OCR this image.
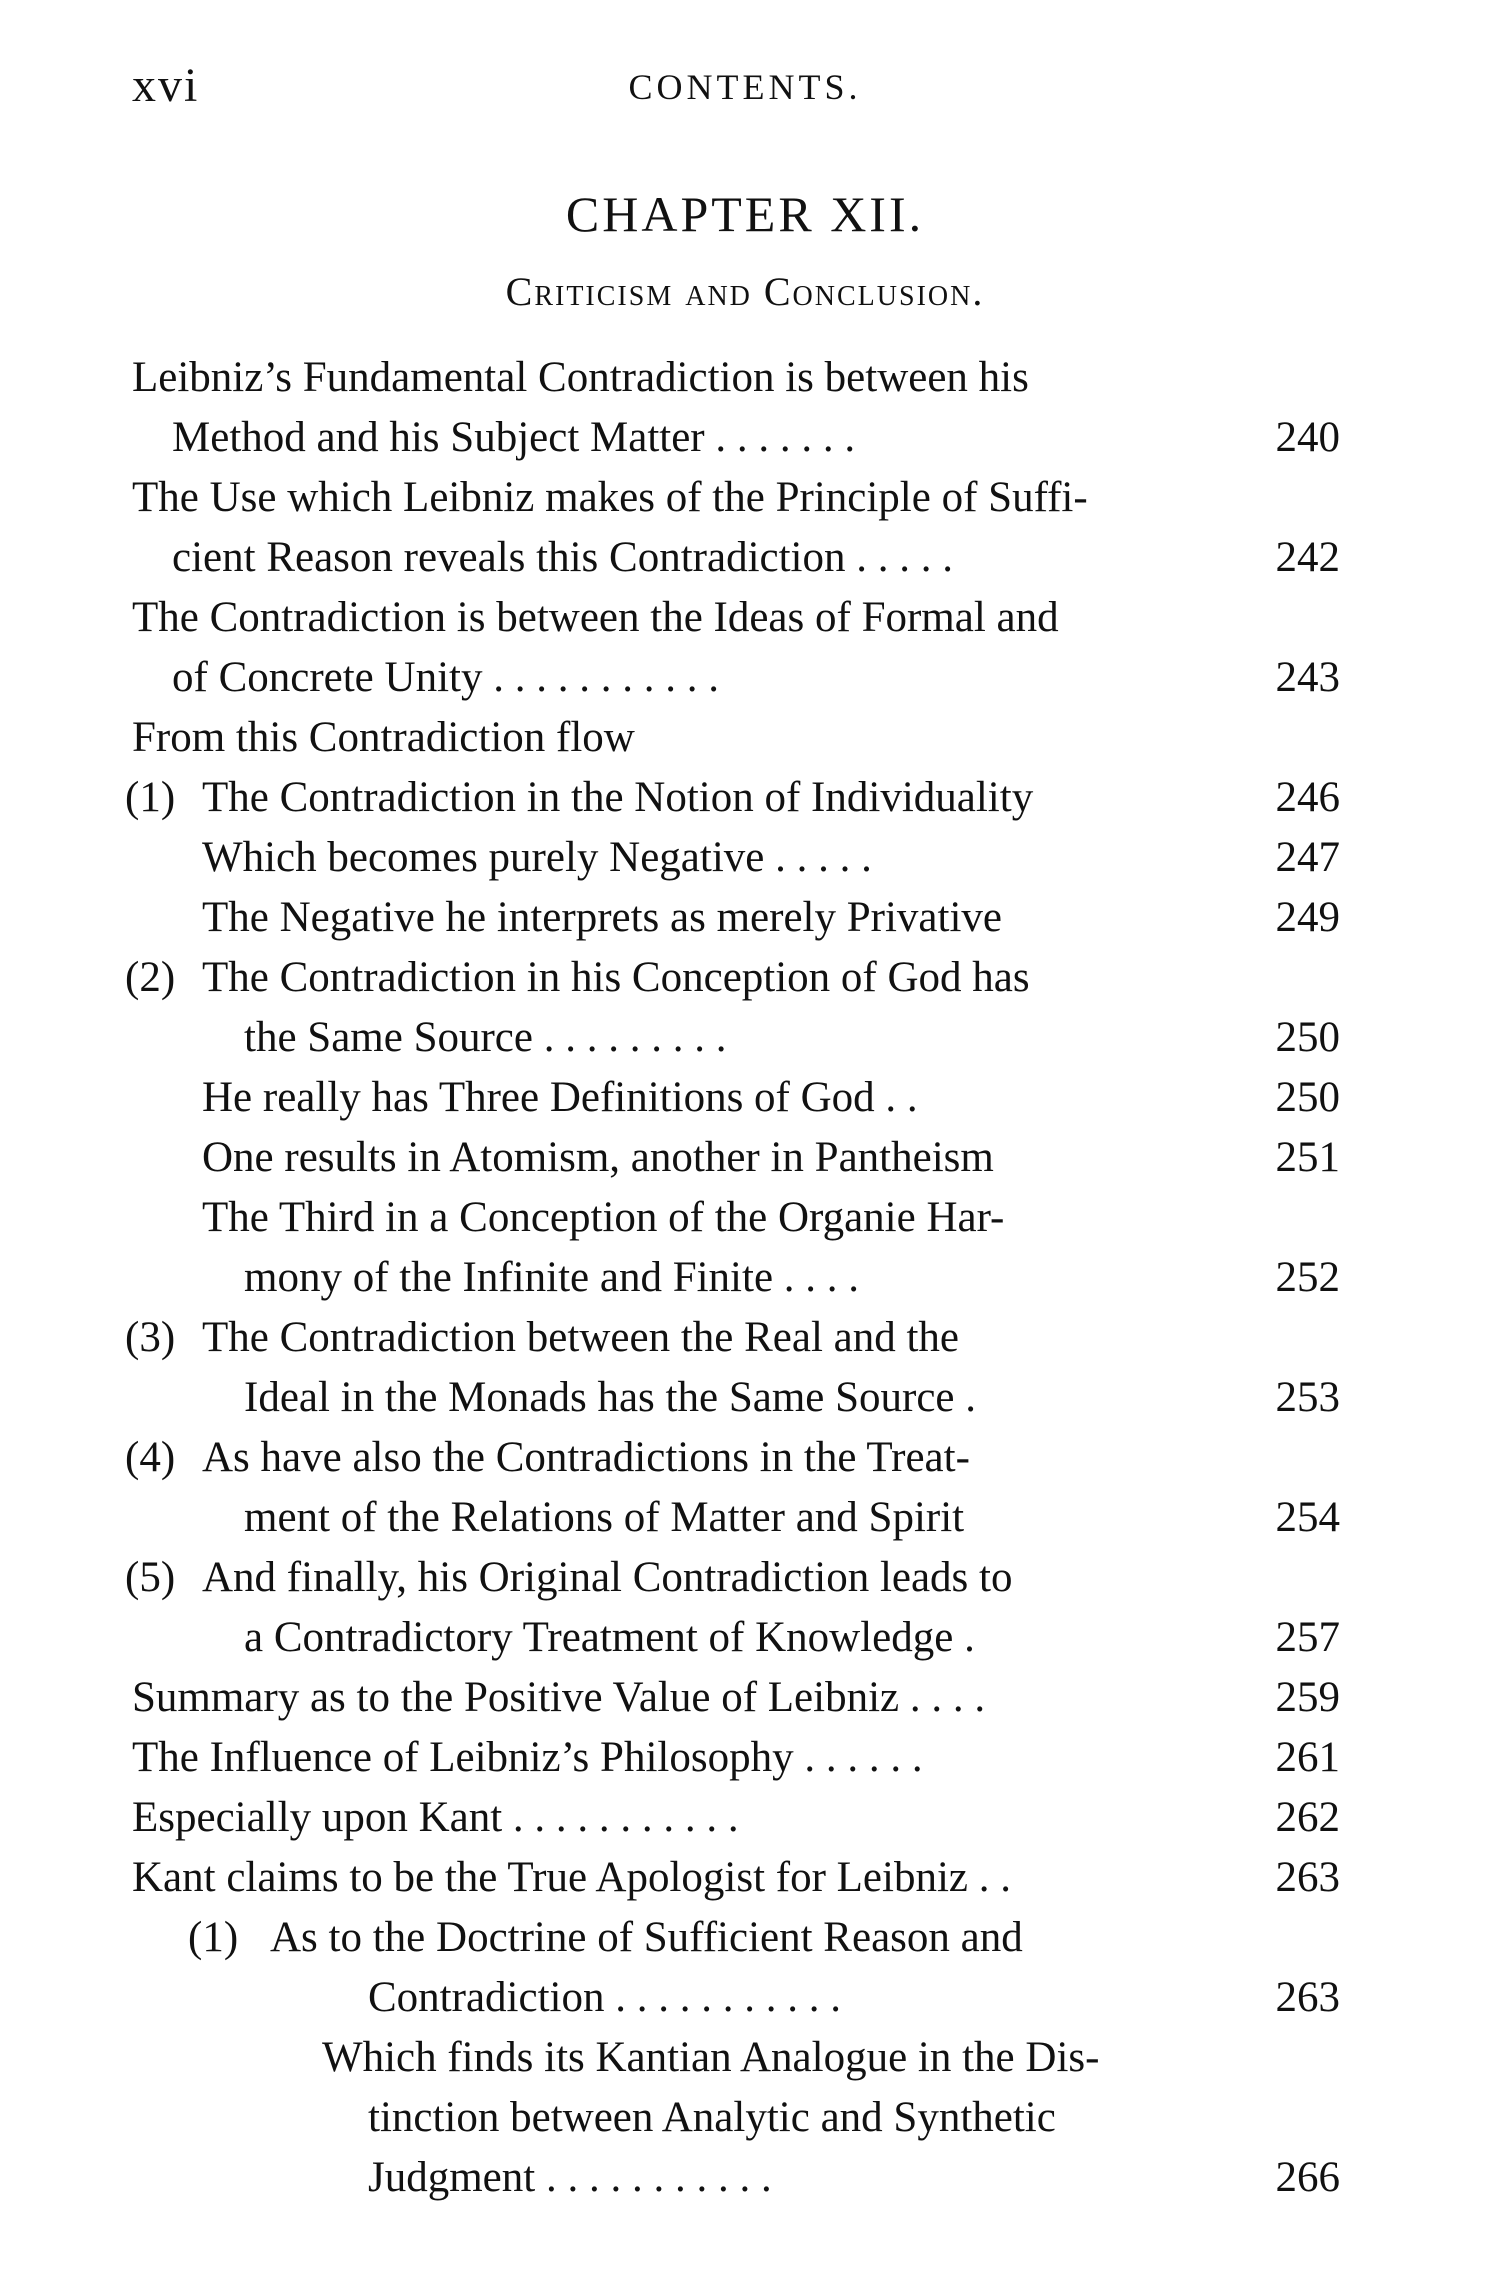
xvi	CONTENTS.
CHAPTER XII.
Criticism and Conclusion.
Leibniz’s Fundamental Contradiction is between his
Method and his Subject Matter . . . . . . .	240
The Use which Leibniz makes of the Principle of Suffi-
cient Reason reveals this Contradiction . . . . .	242
The Contradiction is between the Ideas of Formal and
of Concrete Unity . . . . . . . . . . .	243
From this Contradiction flow
(1) The Contradiction in the Notion of Individuality	246
Which becomes purely Negative . . . . .	247
The Negative he interprets as merely Privative	249
(2) The Contradiction in his Conception of God has
the Same Source . . . . . . . . .	250
He really has Three Definitions of God . .	250
One results in Atomism, another in Pantheism	251
The Third in a Conception of the Organie Har-
mony of the Infinite and Finite . . . .	252
(3) The Contradiction between the Real and the
Ideal in the Monads has the Same Source .	253
(4) As have also the Contradictions in the Treat-
ment of the Relations of Matter and Spirit	254
(5) And finally, his Original Contradiction leads to
a Contradictory Treatment of Knowledge .	257
Summary as to the Positive Value of Leibniz . . . .	259
The Influence of Leibniz’s Philosophy . . . . . .	261
Especially upon Kant . . . . . . . . . . .	262
Kant claims to be the True Apologist for Leibniz . .	263
(1) As to the Doctrine of Sufficient Reason and
Contradiction . . . . . . . . . . .	263
Which finds its Kantian Analogue in the Dis-
tinction between Analytic and Synthetic
Judgment . . . . . . . . . . .	266
